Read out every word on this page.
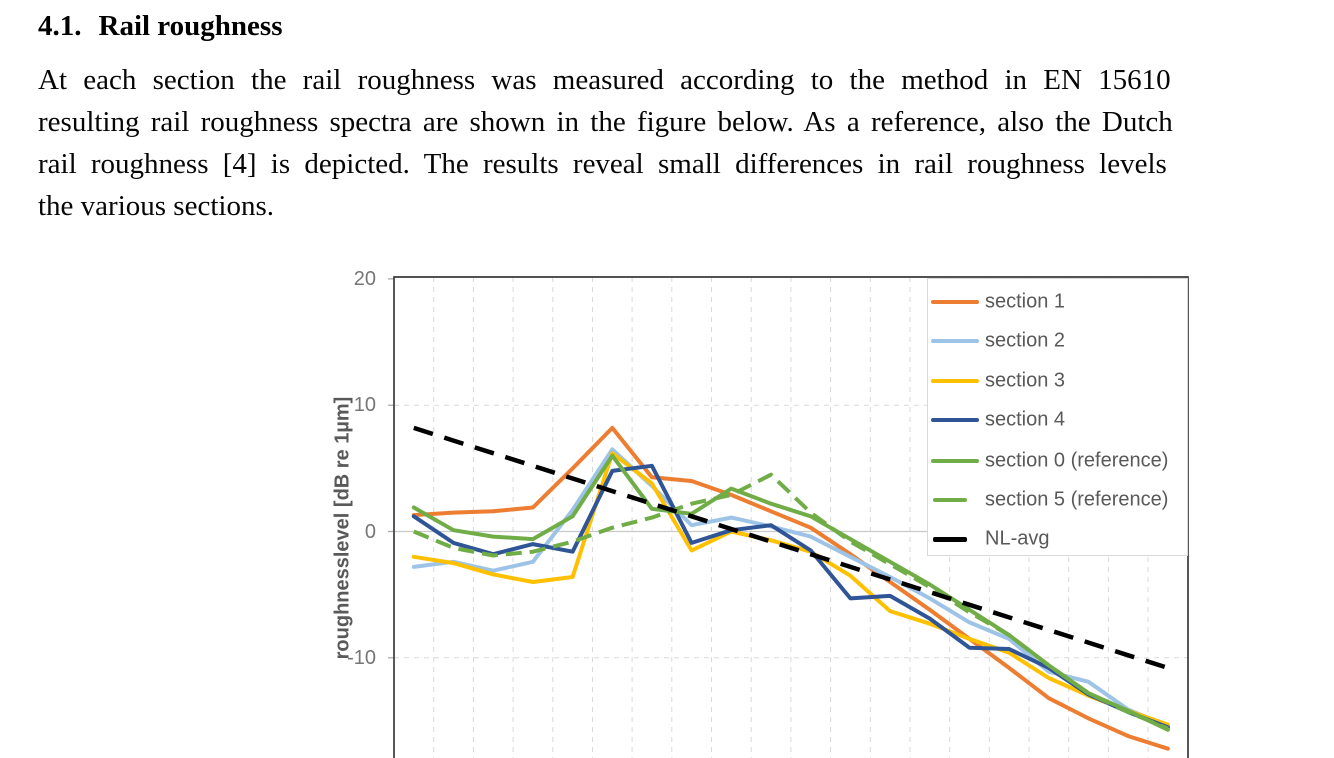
4.1. Rail roughness
At each section the rail roughness was measured according to the method in EN 15610
resulting rail roughness spectra are shown in the figure below. As a reference, also the Dutch
rail roughness [4] is depicted. The results reveal small differences in rail roughness levels
the various sections.
roughnesslevel [dB re 1µm]
20
10
0
-10
section 1
section 2
section 3
section 4
section 0 (reference)
section 5 (reference)
NL-avg
